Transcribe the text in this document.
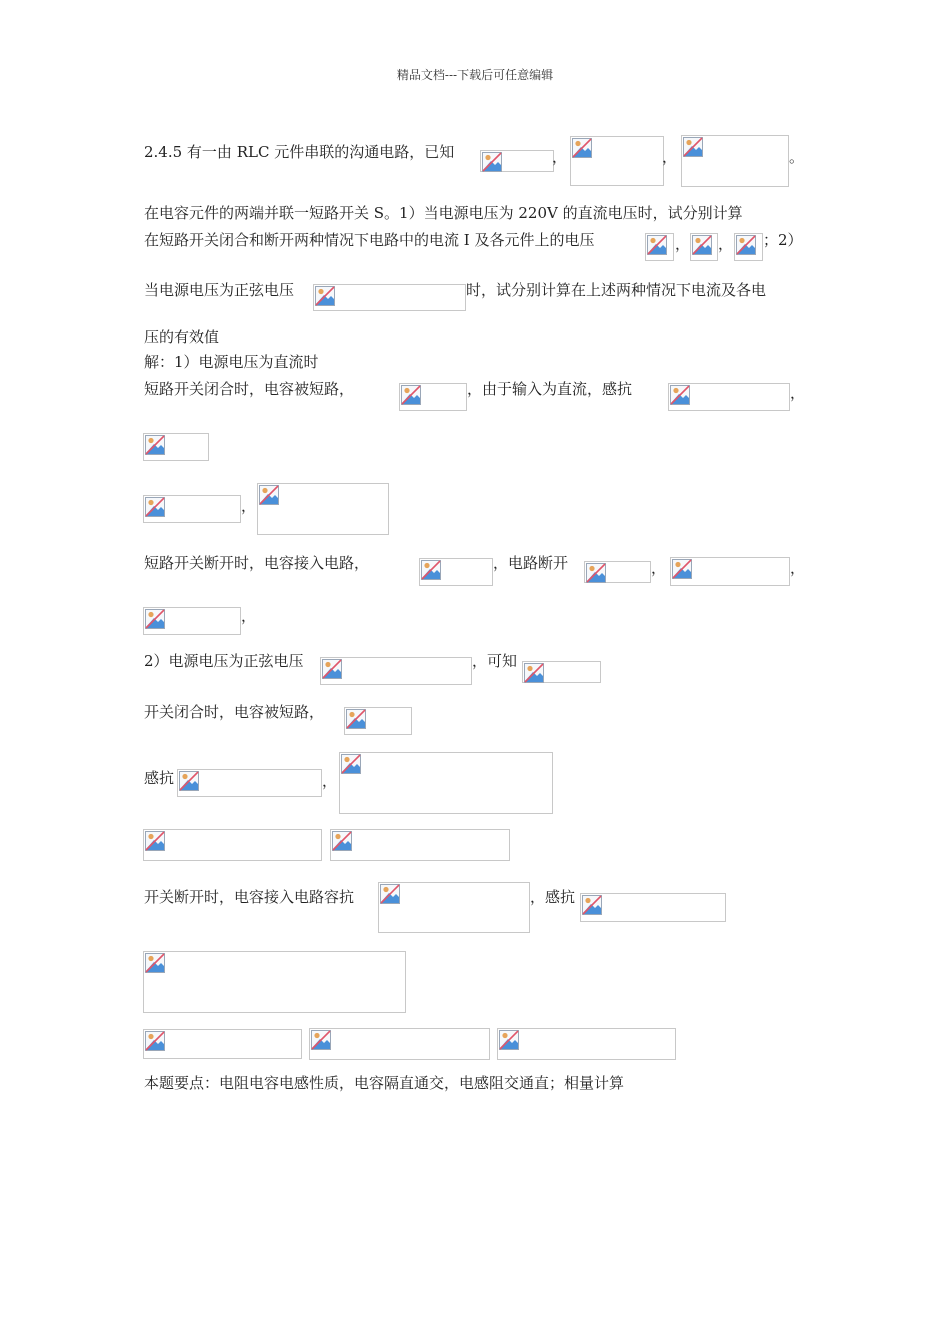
精品文档---下载后可任意编辑
2.4.5 有一由 RLC 元件串联的沟通电路，已知	，	，	。
在电容元件的两端并联一短路开关 S。1）当电源电压为 220V 的直流电压时，试分别计算
在短路开关闭合和断开两种情况下电路中的电流 I 及各元件上的电压	， ， ；2）
当电源电压为正弦电压	时，试分别计算在上述两种情况下电流及各电
压的有效值
解：1）电源电压为直流时
短路开关闭合时，电容被短路，	，由于输入为直流，感抗	，
，
短路开关断开时，电容接入电路，	，电路断开	，	，
，
2）电源电压为正弦电压	，可知
开关闭合时，电容被短路，
感抗	，
开关断开时，电容接入电路容抗	，感抗
本题要点：电阻电容电感性质，电容隔直通交，电感阻交通直；相量计算
